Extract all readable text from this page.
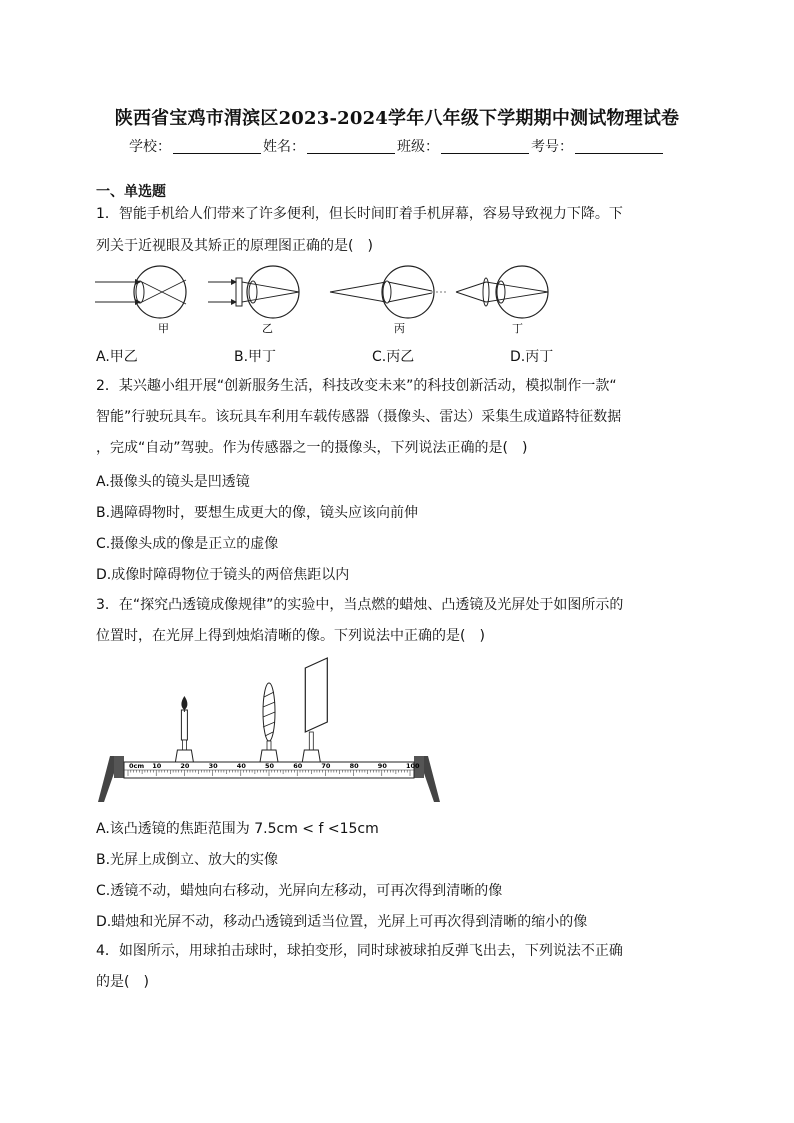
陕西省宝鸡市渭滨区2023-2024学年八年级下学期期中测试物理试卷
学校：	姓名：	班级：	考号：
一、单选题
1．智能手机给人们带来了许多便利，但长时间盯着手机屏幕，容易导致视力下降。下
列关于近视眼及其矫正的原理图正确的是(　)
甲	乙	丙	丁
A.甲乙	B.甲丁	C.丙乙	D.丙丁
2．某兴趣小组开展“创新服务生活，科技改变未来”的科技创新活动，模拟制作一款“
智能”行驶玩具车。该玩具车利用车载传感器（摄像头、雷达）采集生成道路特征数据
，完成“自动”驾驶。作为传感器之一的摄像头，下列说法正确的是(　)
A.摄像头的镜头是凹透镜
B.遇障碍物时，要想生成更大的像，镜头应该向前伸
C.摄像头成的像是正立的虚像
D.成像时障碍物位于镜头的两倍焦距以内
3．在“探究凸透镜成像规律”的实验中，当点燃的蜡烛、凸透镜及光屏处于如图所示的
位置时，在光屏上得到烛焰清晰的像。下列说法中正确的是(　)
0cm 10	20	30	40	50	60	70	80	90	100
A.该凸透镜的焦距范围为 7.5cm < f <15cm
B.光屏上成倒立、放大的实像
C.透镜不动，蜡烛向右移动，光屏向左移动，可再次得到清晰的像
D.蜡烛和光屏不动，移动凸透镜到适当位置，光屏上可再次得到清晰的缩小的像
4．如图所示，用球拍击球时，球拍变形，同时球被球拍反弹飞出去，下列说法不正确
的是(　)
